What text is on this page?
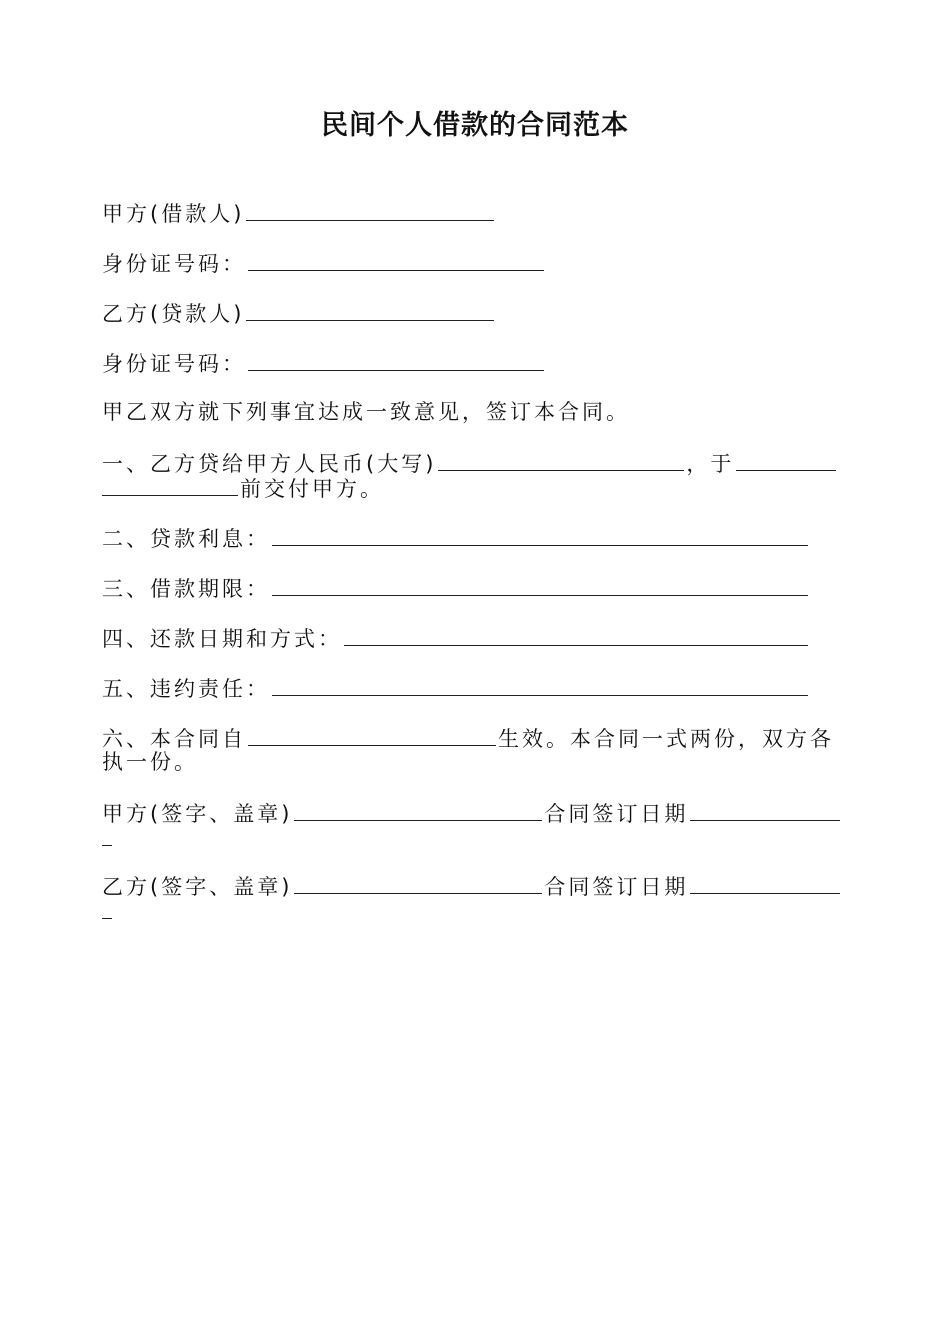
民间个人借款的合同范本
甲方(借款人)
身份证号码：
乙方(贷款人)
身份证号码：
甲乙双方就下列事宜达成一致意见，签订本合同。
一、乙方贷给甲方人民币(大写)	，于
前交付甲方。
二、贷款利息：
三、借款期限：
四、还款日期和方式：
五、违约责任：
六、本合同自	生效。本合同一式两份，双方各
执一份。
甲方(签字、盖章)	合同签订日期
乙方(签字、盖章)	合同签订日期
